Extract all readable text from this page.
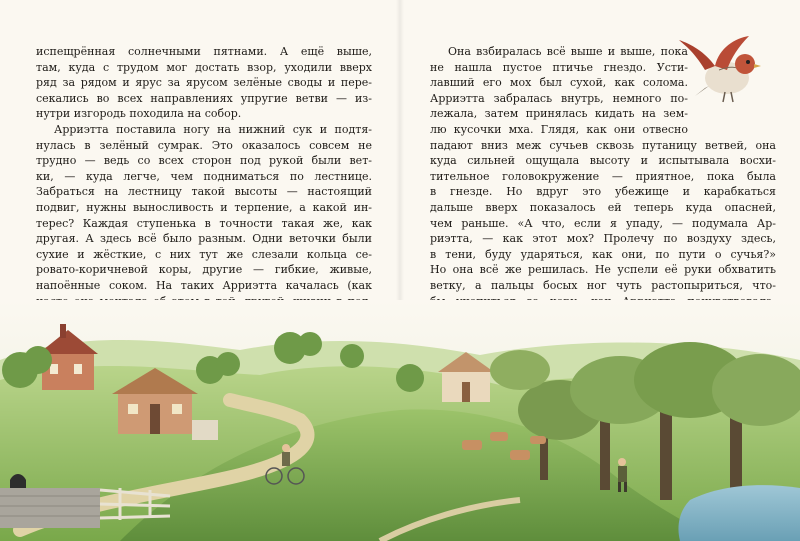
испещрённая солнечными пятнами. А ещё выше,
там, куда с трудом мог достать взор, уходили вверх
ряд за рядом и ярус за ярусом зелёные своды и пере-
секались во всех направлениях упругие ветви — из-
нутри изгородь походила на собор.
Арриэтта поставила ногу на нижний сук и подтя-
нулась в зелёный сумрак. Это оказалось совсем не
трудно — ведь со всех сторон под рукой были вет-
ки, — куда легче, чем подниматься по лестнице.
Забраться на лестницу такой высоты — настоящий
подвиг, нужны выносливость и терпение, а какой ин-
терес? Каждая ступенька в точности такая же, как
другая. А здесь всё было разным. Одни веточки были
сухие и жёсткие, с них тут же слезали кольца се-
ровато-коричневой коры, другие — гибкие, живые,
напоённые соком. На таких Арриэтта качалась (как
Она взбиралась всё выше и выше, пока
не нашла пустое птичье гнездо. Усти-
лавший его мох был сухой, как солома.
Арриэтта забралась внутрь, немного по-
лежала, затем принялась кидать на зем-
лю кусочки мха. Глядя, как они отвесно
падают вниз меж сучьев сквозь путаницу ветвей, она
куда сильней ощущала высоту и испытывала восхи-
тительное головокружение — приятное, пока была
в гнезде. Но вдруг это убежище и карабкаться
дальше вверх показалось ей теперь куда опасней,
чем раньше. «А что, если я упаду, — подумала Ар-
риэтта, — как этот мох? Пролечу по воздуху здесь,
в тени, буду ударяться, как они, по пути о сучья?»
Но она всё же решилась. Не успели её руки обхватить
ветку, а пальцы босых ног чуть растопыриться, что-
